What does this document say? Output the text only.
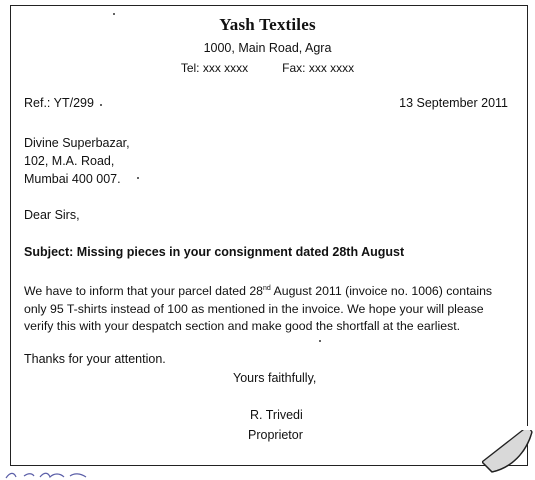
Yash Textiles
1000, Main Road, Agra
Tel: xxx xxxx	Fax: xxx xxxx
Ref.: YT/299	13 September 2011
Divine Superbazar,
102, M.A. Road,
Mumbai 400 007.
Dear Sirs,
Subject: Missing pieces in your consignment dated 28th August
We have to inform that your parcel dated 28nd August 2011 (invoice no. 1006) contains
only 95 T-shirts instead of 100 as mentioned in the invoice. We hope your will please
verify this with your despatch section and make good the shortfall at the earliest.
Thanks for your attention.
Yours faithfully,
R. Trivedi
Proprietor
